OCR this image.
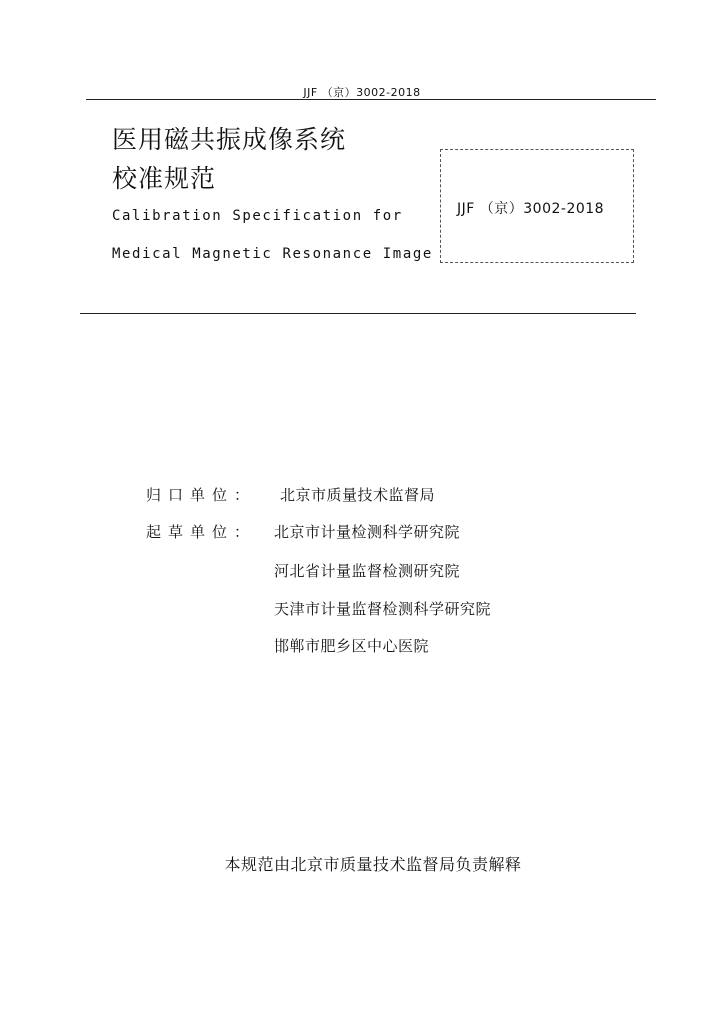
JJF （京）3002-2018
医用磁共振成像系统
校准规范
Calibration Specification for
Medical Magnetic Resonance Image
JJF （京）3002-2018
归口单位： 北京市质量技术监督局
起草单位： 北京市计量检测科学研究院
河北省计量监督检测研究院
天津市计量监督检测科学研究院
邯郸市肥乡区中心医院
本规范由北京市质量技术监督局负责解释
